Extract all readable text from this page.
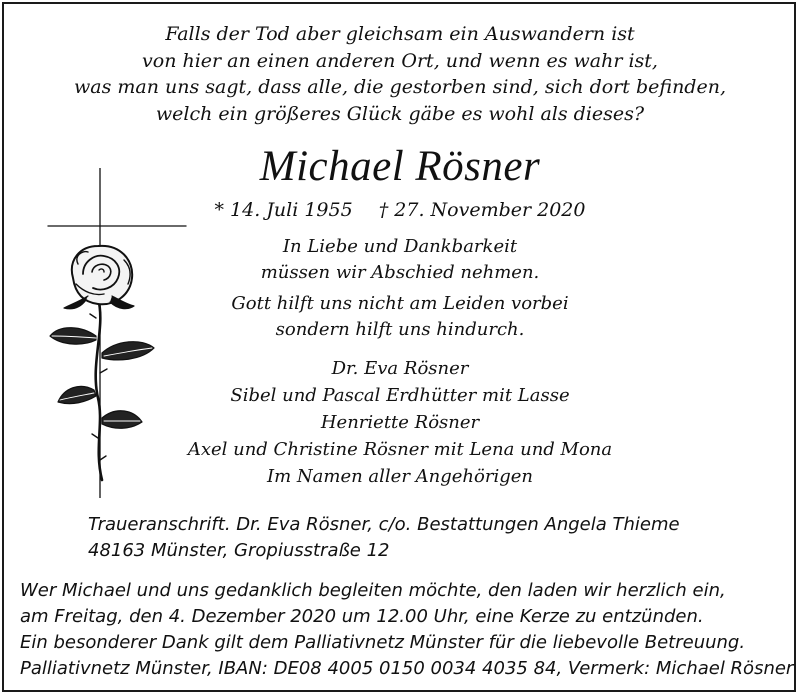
Falls der Tod aber gleichsam ein Auswandern ist
von hier an einen anderen Ort, und wenn es wahr ist,
was man uns sagt, dass alle, die gestorben sind, sich dort befinden,
welch ein größeres Glück gäbe es wohl als dieses?
Michael Rösner
* 14. Juli 1955 † 27. November 2020
In Liebe und Dankbarkeit
müssen wir Abschied nehmen.
Gott hilft uns nicht am Leiden vorbei
sondern hilft uns hindurch.
Dr. Eva Rösner
Sibel und Pascal Erdhütter mit Lasse
Henriette Rösner
Axel und Christine Rösner mit Lena und Mona
Im Namen aller Angehörigen
Traueranschrift. Dr. Eva Rösner, c/o. Bestattungen Angela Thieme
48163 Münster, Gropiusstraße 12
Wer Michael und uns gedanklich begleiten möchte, den laden wir herzlich ein,
am Freitag, den 4. Dezember 2020 um 12.00 Uhr, eine Kerze zu entzünden.
Ein besonderer Dank gilt dem Palliativnetz Münster für die liebevolle Betreuung.
Palliativnetz Münster, IBAN: DE08 4005 0150 0034 4035 84, Vermerk: Michael Rösner
